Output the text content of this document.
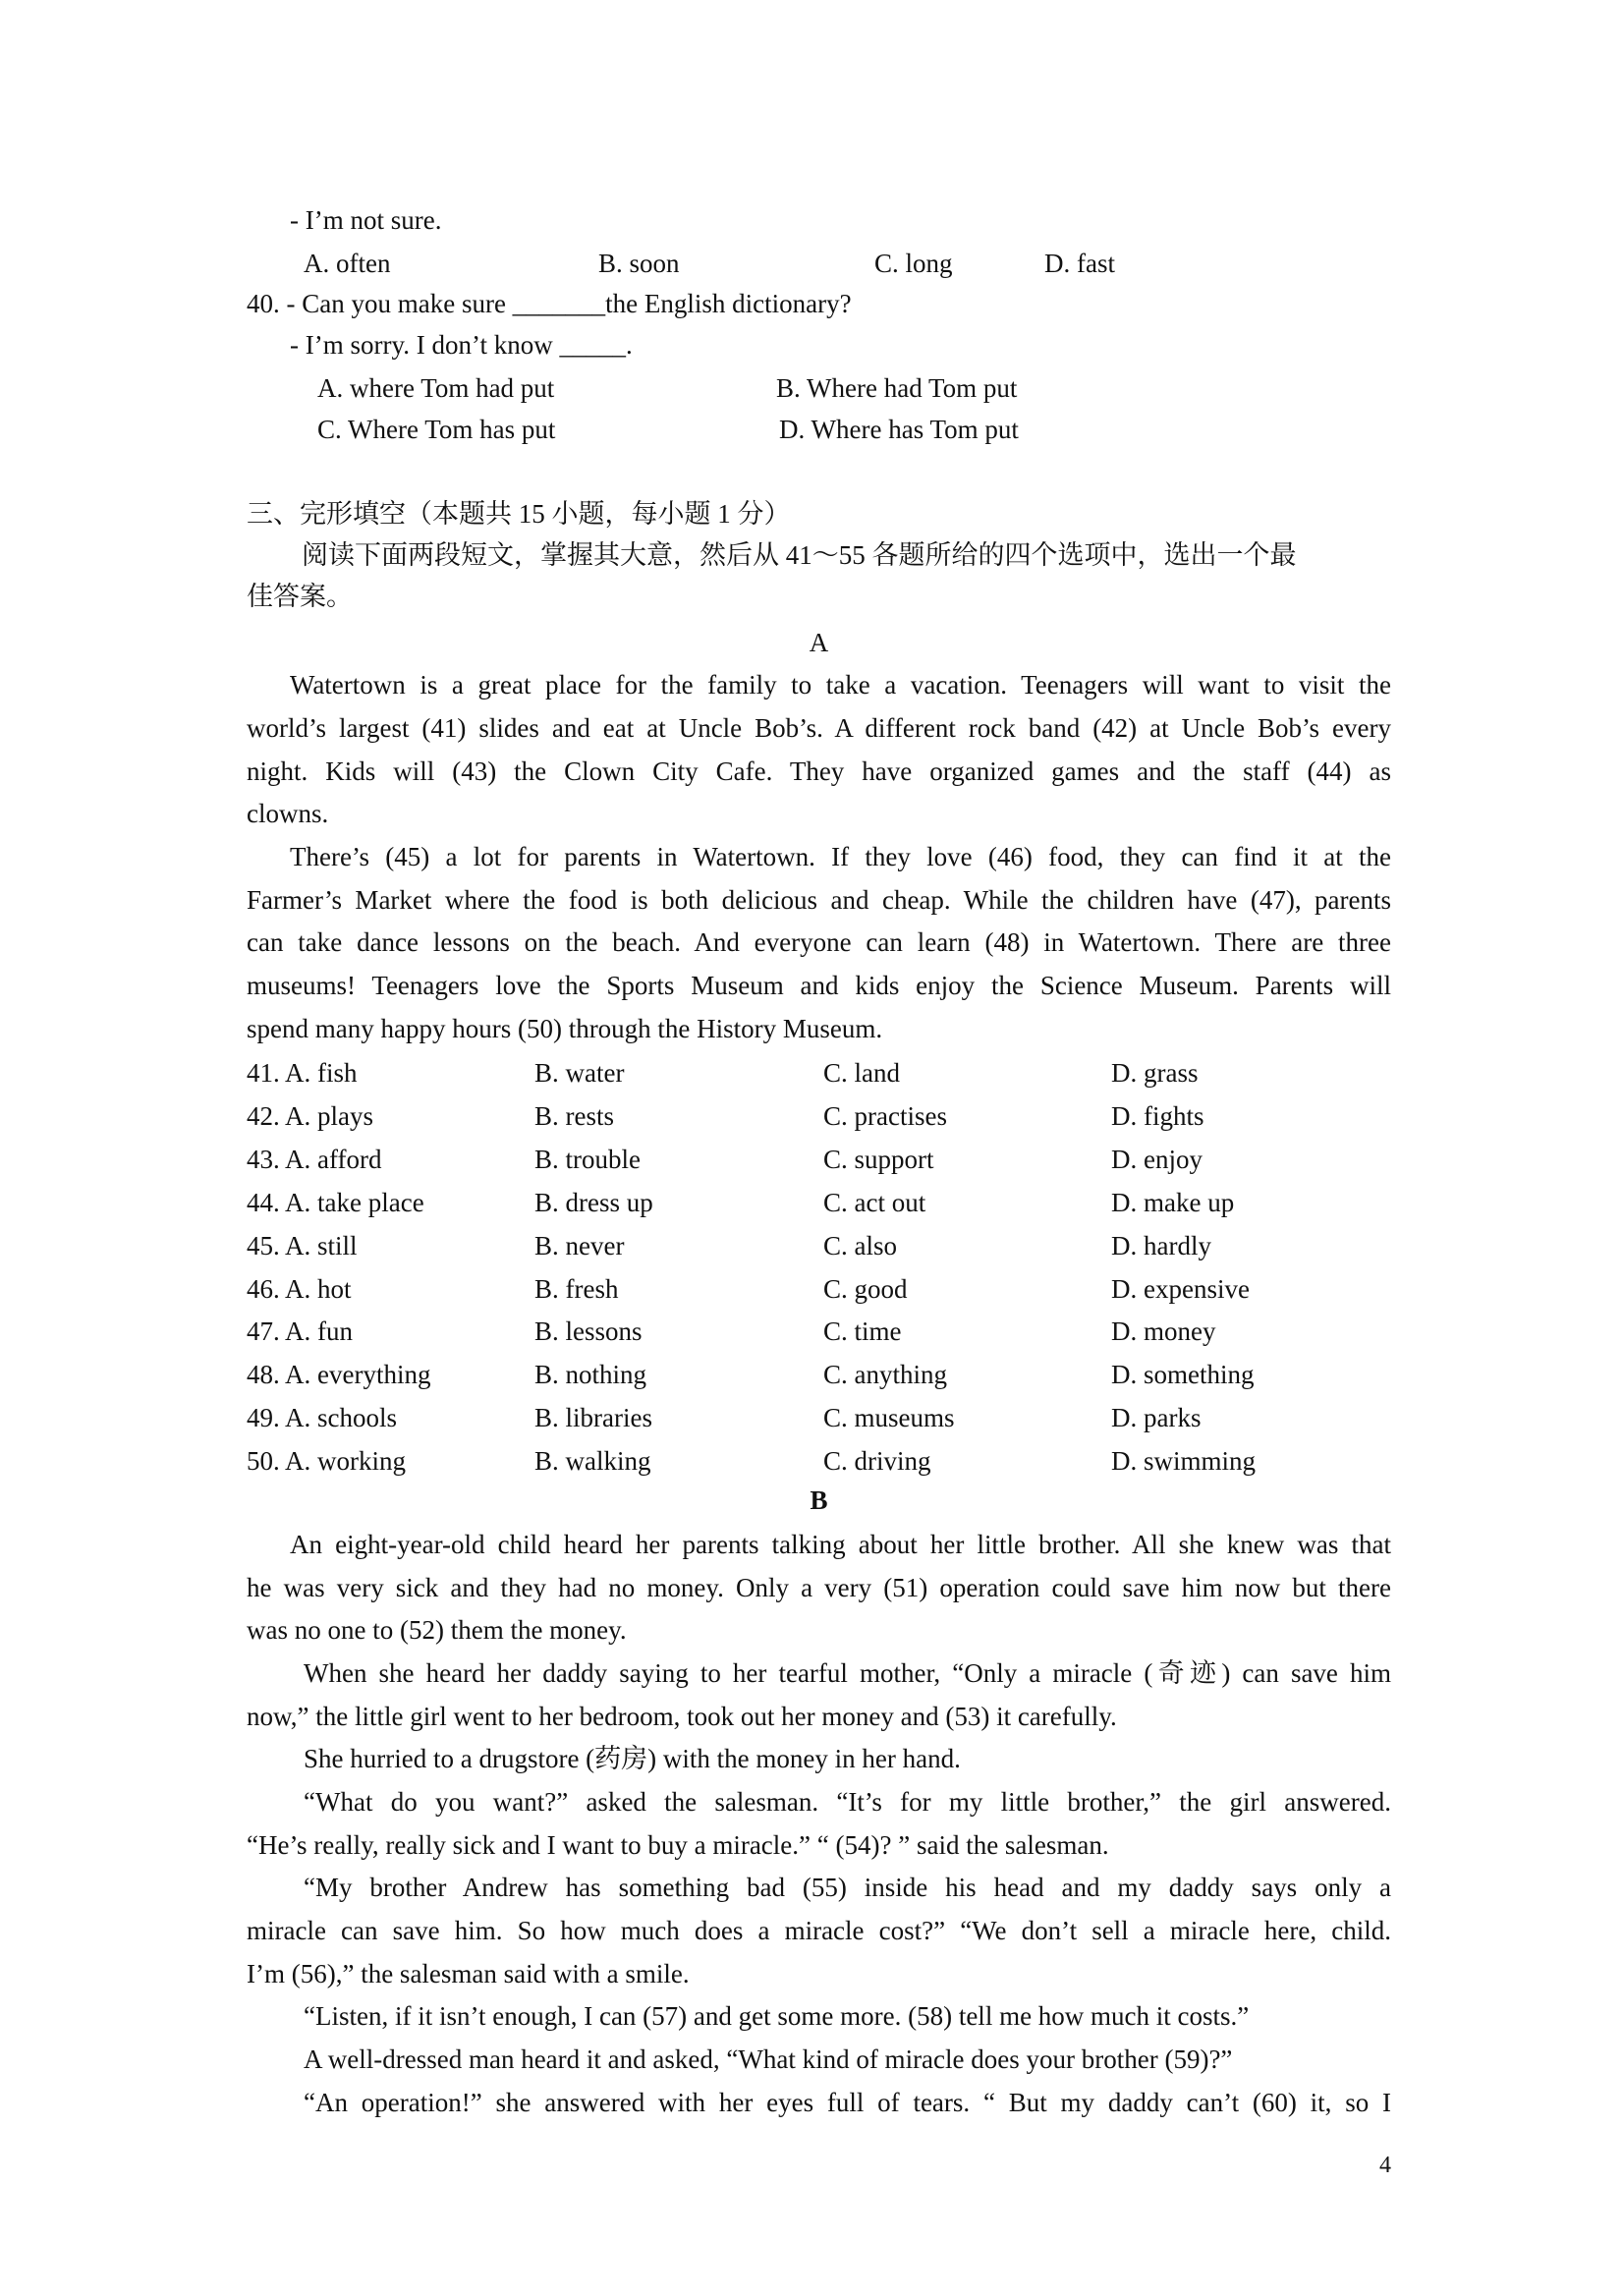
- I’m not sure.
A. often	B. soon	C. long	D. fast
40. - Can you make sure _______the English dictionary?
- I’m sorry. I don’t know _____.
A. where Tom had put	B. Where had Tom put
C. Where Tom has put	D. Where has Tom put
三、完形填空（本题共 15 小题，每小题 1 分）
阅读下面两段短文，掌握其大意，然后从 41～55 各题所给的四个选项中，选出一个最
佳答案。
A
Watertown is a great place for the family to take a vacation. Teenagers will want to visit the
world’s largest (41) slides and eat at Uncle Bob’s. A different rock band (42) at Uncle Bob’s every
night. Kids will (43) the Clown City Cafe. They have organized games and the staff (44) as
clowns.
There’s (45) a lot for parents in Watertown. If they love (46) food, they can find it at the
Farmer’s Market where the food is both delicious and cheap. While the children have (47), parents
can take dance lessons on the beach. And everyone can learn (48) in Watertown. There are three
museums! Teenagers love the Sports Museum and kids enjoy the Science Museum. Parents will
spend many happy hours (50) through the History Museum.
41. A. fish	B. water	C. land	D. grass
42. A. plays	B. rests	C. practises	D. fights
43. A. afford	B. trouble	C. support	D. enjoy
44. A. take place	B. dress up	C. act out	D. make up
45. A. still	B. never	C. also	D. hardly
46. A. hot	B. fresh	C. good	D. expensive
47. A. fun	B. lessons	C. time	D. money
48. A. everything	B. nothing	C. anything	D. something
49. A. schools	B. libraries	C. museums	D. parks
50. A. working	B. walking	C. driving	D. swimming
B
An eight-year-old child heard her parents talking about her little brother. All she knew was that
he was very sick and they had no money. Only a very (51) operation could save him now but there
was no one to (52) them the money.
When she heard her daddy saying to her tearful mother, “Only a miracle (奇迹) can save him
now,” the little girl went to her bedroom, took out her money and (53) it carefully.
She hurried to a drugstore (药房) with the money in her hand.
“What do you want?” asked the salesman. “It’s for my little brother,” the girl answered.
“He’s really, really sick and I want to buy a miracle.” “ (54)? ” said the salesman.
“My brother Andrew has something bad (55) inside his head and my daddy says only a
miracle can save him. So how much does a miracle cost?” “We don’t sell a miracle here, child.
I’m (56),” the salesman said with a smile.
“Listen, if it isn’t enough, I can (57) and get some more. (58) tell me how much it costs.”
A well-dressed man heard it and asked, “What kind of miracle does your brother (59)?”
“An operation!” she answered with her eyes full of tears. “ But my daddy can’t (60) it, so I
4
